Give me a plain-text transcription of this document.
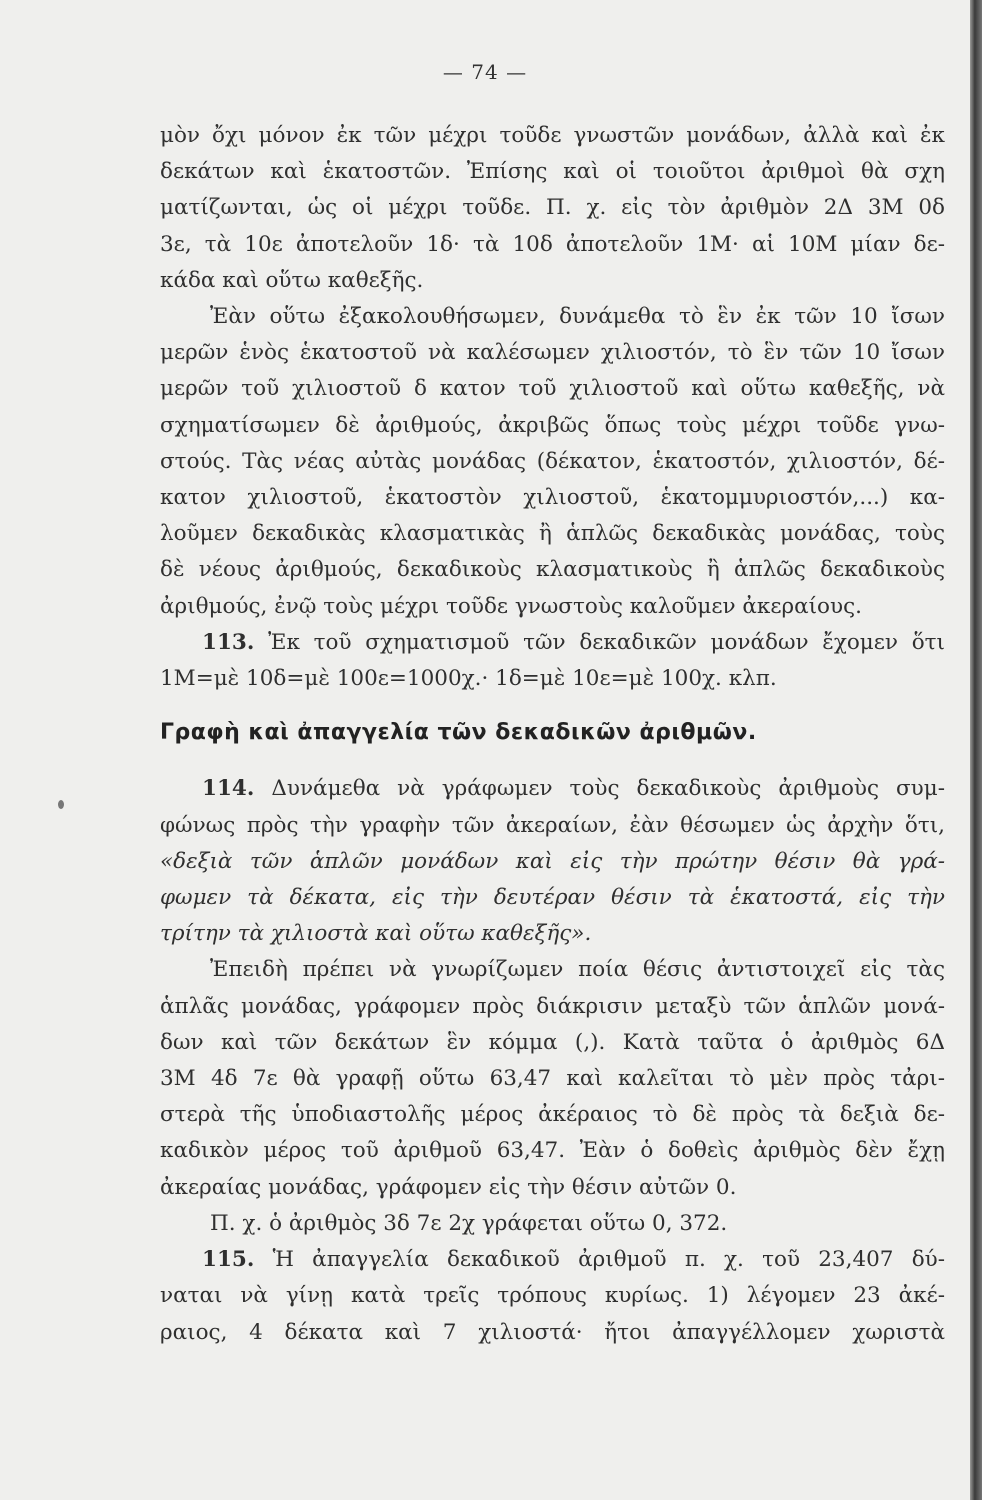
— 74 —
μὸν ὄχι μόνον ἐκ τῶν μέχρι τοῦδε γνωστῶν μονάδων, ἀλλὰ καὶ ἐκ
δεκάτων καὶ ἑκατοστῶν. Ἐπίσης καὶ οἱ τοιοῦτοι ἀριθμοὶ θὰ σχη
ματίζωνται, ὡς οἱ μέχρι τοῦδε. Π. χ. εἰς τὸν ἀριθμὸν 2Δ 3Μ 0δ
3ε, τὰ 10ε ἀποτελοῦν 1δ· τὰ 10δ ἀποτελοῦν 1Μ· αἱ 10Μ μίαν δε-
κάδα καὶ οὕτω καθεξῆς.
Ἐὰν οὕτω ἐξακολουθήσωμεν, δυνάμεθα τὸ ἓν ἐκ τῶν 10 ἴσων
μερῶν ἑνὸς ἑκατοστοῦ νὰ καλέσωμεν χιλιοστόν, τὸ ἓν τῶν 10 ἴσων
μερῶν τοῦ χιλιοστοῦ δ κατον τοῦ χιλιοστοῦ καὶ οὕτω καθεξῆς, νὰ
σχηματίσωμεν δὲ ἀριθμούς, ἀκριβῶς ὅπως τοὺς μέχρι τοῦδε γνω-
στούς. Τὰς νέας αὐτὰς μονάδας (δέκατον, ἑκατοστόν, χιλιοστόν, δέ-
κατον χιλιοστοῦ, ἑκατοστὸν χιλιοστοῦ, ἑκατομμυριοστόν,...) κα-
λοῦμεν δεκαδικὰς κλασματικὰς ἢ ἁπλῶς δεκαδικὰς μονάδας, τοὺς
δὲ νέους ἀριθμούς, δεκαδικοὺς κλασματικοὺς ἢ ἁπλῶς δεκαδικοὺς
ἀριθμούς, ἐνῷ τοὺς μέχρι τοῦδε γνωστοὺς καλοῦμεν ἀκεραίους.
113. Ἐκ τοῦ σχηματισμοῦ τῶν δεκαδικῶν μονάδων ἔχομεν ὅτι
1Μ=μὲ 10δ=μὲ 100ε=1000χ.· 1δ=μὲ 10ε=μὲ 100χ. κλπ.
Γραφὴ καὶ ἀπαγγελία τῶν δεκαδικῶν ἀριθμῶν.
114. Δυνάμεθα νὰ γράφωμεν τοὺς δεκαδικοὺς ἀριθμοὺς συμ-
φώνως πρὸς τὴν γραφὴν τῶν ἀκεραίων, ἐὰν θέσωμεν ὡς ἀρχὴν ὅτι,
«δεξιὰ τῶν ἁπλῶν μονάδων καὶ εἰς τὴν πρώτην θέσιν θὰ γρά-
φωμεν τὰ δέκατα, εἰς τὴν δευτέραν θέσιν τὰ ἑκατοστά, εἰς τὴν
τρίτην τὰ χιλιοστὰ καὶ οὕτω καθεξῆς».
Ἐπειδὴ πρέπει νὰ γνωρίζωμεν ποία θέσις ἀντιστοιχεῖ εἰς τὰς
ἁπλᾶς μονάδας, γράφομεν πρὸς διάκρισιν μεταξὺ τῶν ἁπλῶν μονά-
δων καὶ τῶν δεκάτων ἓν κόμμα (,). Κατὰ ταῦτα ὁ ἀριθμὸς 6Δ
3Μ 4δ 7ε θὰ γραφῇ οὕτω 63,47 καὶ καλεῖται τὸ μὲν πρὸς τἀρι-
στερὰ τῆς ὑποδιαστολῆς μέρος ἀκέραιος τὸ δὲ πρὸς τὰ δεξιὰ δε-
καδικὸν μέρος τοῦ ἀριθμοῦ 63,47. Ἐὰν ὁ δοθεὶς ἀριθμὸς δὲν ἔχῃ
ἀκεραίας μονάδας, γράφομεν εἰς τὴν θέσιν αὐτῶν 0.
Π. χ. ὁ ἀριθμὸς 3δ 7ε 2χ γράφεται οὕτω 0, 372.
115. Ἡ ἀπαγγελία δεκαδικοῦ ἀριθμοῦ π. χ. τοῦ 23,407 δύ-
ναται νὰ γίνῃ κατὰ τρεῖς τρόπους κυρίως. 1) λέγομεν 23 ἀκέ-
ραιος, 4 δέκατα καὶ 7 χιλιοστά· ἤτοι ἀπαγγέλλομεν χωριστὰ
